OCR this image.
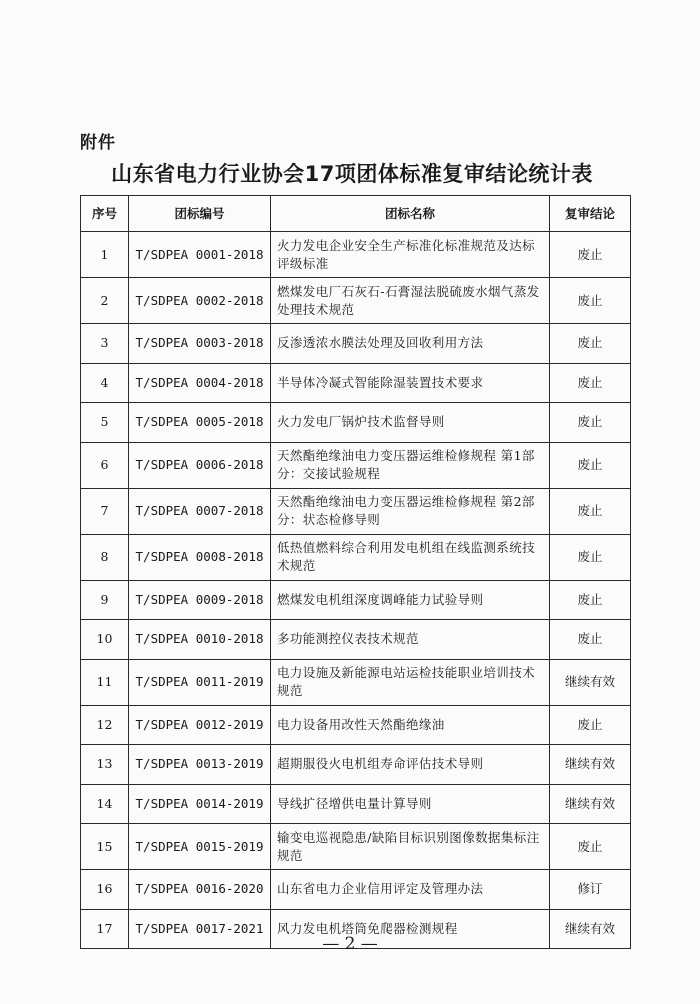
附件
山东省电力行业协会17项团体标准复审结论统计表
序号	团标编号	团标名称	复审结论
1	T/SDPEA 0001-2018	火力发电企业安全生产标准化标准规范及达标评级标准	废止
2	T/SDPEA 0002-2018	燃煤发电厂石灰石-石膏湿法脱硫废水烟气蒸发处理技术规范	废止
3	T/SDPEA 0003-2018	反渗透浓水膜法处理及回收利用方法	废止
4	T/SDPEA 0004-2018	半导体冷凝式智能除湿装置技术要求	废止
5	T/SDPEA 0005-2018	火力发电厂锅炉技术监督导则	废止
6	T/SDPEA 0006-2018	天然酯绝缘油电力变压器运维检修规程 第1部分：交接试验规程	废止
7	T/SDPEA 0007-2018	天然酯绝缘油电力变压器运维检修规程 第2部分：状态检修导则	废止
8	T/SDPEA 0008-2018	低热值燃料综合利用发电机组在线监测系统技术规范	废止
9	T/SDPEA 0009-2018	燃煤发电机组深度调峰能力试验导则	废止
10	T/SDPEA 0010-2018	多功能测控仪表技术规范	废止
11	T/SDPEA 0011-2019	电力设施及新能源电站运检技能职业培训技术规范	继续有效
12	T/SDPEA 0012-2019	电力设备用改性天然酯绝缘油	废止
13	T/SDPEA 0013-2019	超期服役火电机组寿命评估技术导则	继续有效
14	T/SDPEA 0014-2019	导线扩径增供电量计算导则	继续有效
15	T/SDPEA 0015-2019	输变电巡视隐患/缺陷目标识别图像数据集标注规范	废止
16	T/SDPEA 0016-2020	山东省电力企业信用评定及管理办法	修订
17	T/SDPEA 0017-2021	风力发电机塔筒免爬器检测规程	继续有效
— 2 —
